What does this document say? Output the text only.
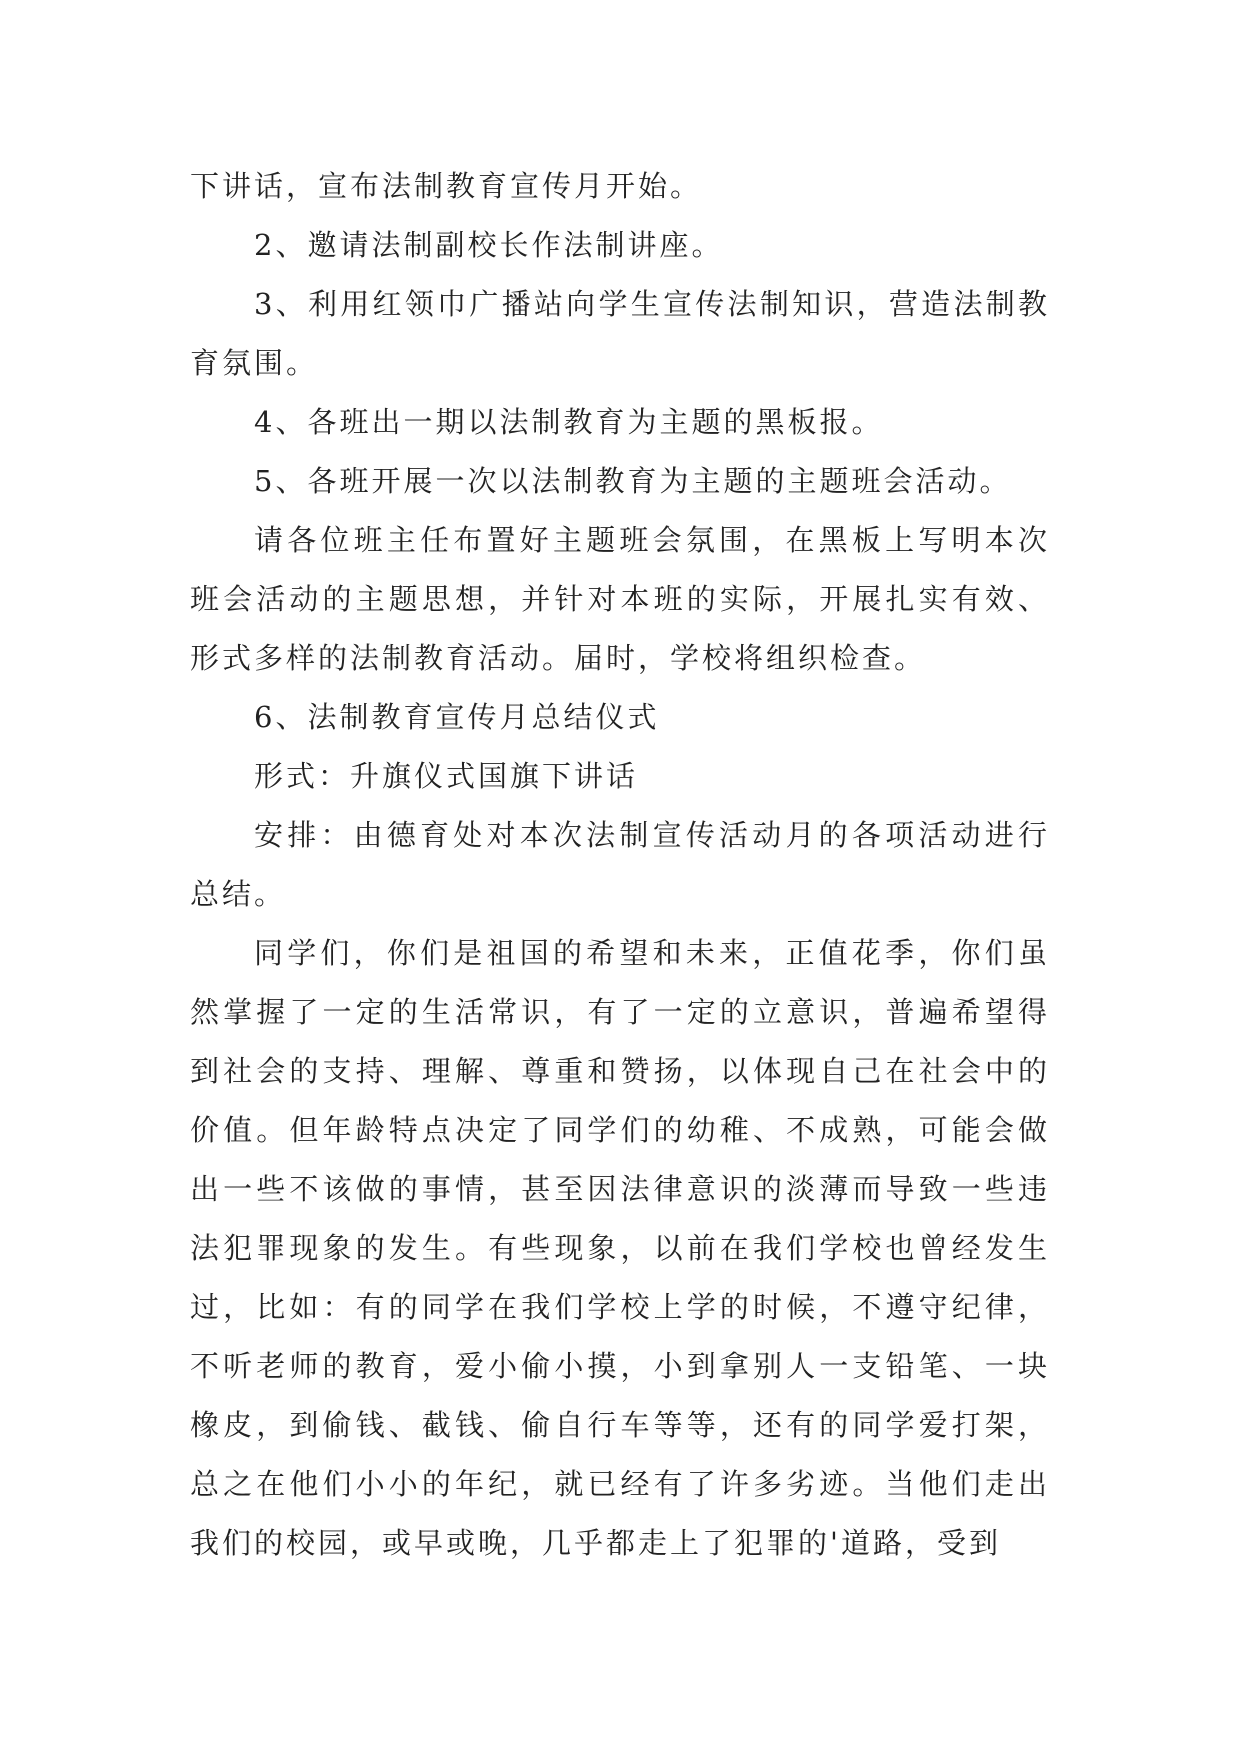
下讲话，宣布法制教育宣传月开始。

2、邀请法制副校长作法制讲座。

3、利用红领巾广播站向学生宣传法制知识，营造法制教育氛围。

4、各班出一期以法制教育为主题的黑板报。

5、各班开展一次以法制教育为主题的主题班会活动。

请各位班主任布置好主题班会氛围，在黑板上写明本次班会活动的主题思想，并针对本班的实际，开展扎实有效、形式多样的法制教育活动。届时，学校将组织检查。

6、法制教育宣传月总结仪式

形式：升旗仪式国旗下讲话

安排：由德育处对本次法制宣传活动月的各项活动进行总结。

同学们，你们是祖国的希望和未来，正值花季，你们虽然掌握了一定的生活常识，有了一定的立意识，普遍希望得到社会的支持、理解、尊重和赞扬，以体现自己在社会中的价值。但年龄特点决定了同学们的幼稚、不成熟，可能会做出一些不该做的事情，甚至因法律意识的淡薄而导致一些违法犯罪现象的发生。有些现象，以前在我们学校也曾经发生过，比如：有的同学在我们学校上学的时候，不遵守纪律，不听老师的教育，爱小偷小摸，小到拿别人一支铅笔、一块橡皮，到偷钱、截钱、偷自行车等等，还有的同学爱打架，总之在他们小小的年纪，就已经有了许多劣迹。当他们走出我们的校园，或早或晚，几乎都走上了犯罪的'道路，受到
